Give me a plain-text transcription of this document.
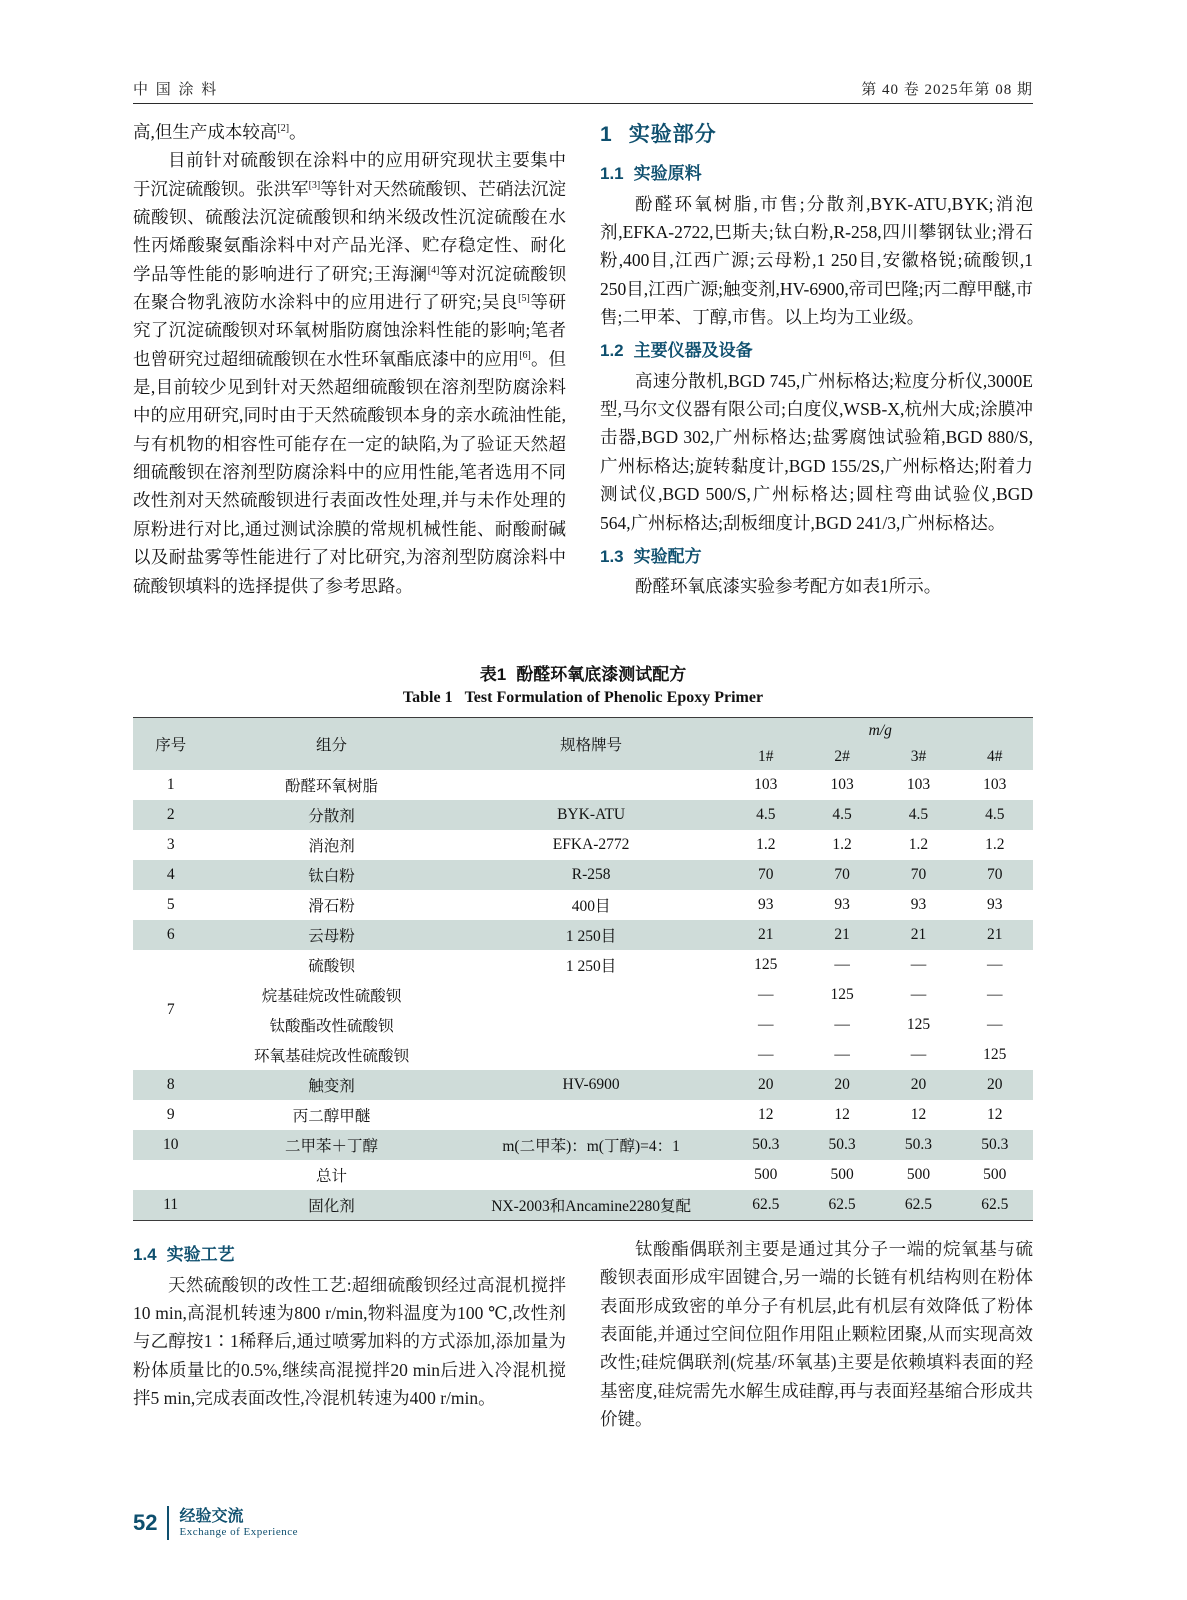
中 国 涂 料	第 40 卷 2025年第 08 期

高,但生产成本较高[2]。

目前针对硫酸钡在涂料中的应用研究现状主要集中于沉淀硫酸钡。张洪军[3]等针对天然硫酸钡、芒硝法沉淀硫酸钡、硫酸法沉淀硫酸钡和纳米级改性沉淀硫酸在水性丙烯酸聚氨酯涂料中对产品光泽、贮存稳定性、耐化学品等性能的影响进行了研究;王海澜[4]等对沉淀硫酸钡在聚合物乳液防水涂料中的应用进行了研究;吴良[5]等研究了沉淀硫酸钡对环氧树脂防腐蚀涂料性能的影响;笔者也曾研究过超细硫酸钡在水性环氧酯底漆中的应用[6]。但是,目前较少见到针对天然超细硫酸钡在溶剂型防腐涂料中的应用研究,同时由于天然硫酸钡本身的亲水疏油性能,与有机物的相容性可能存在一定的缺陷,为了验证天然超细硫酸钡在溶剂型防腐涂料中的应用性能,笔者选用不同改性剂对天然硫酸钡进行表面改性处理,并与未作处理的原粉进行对比,通过测试涂膜的常规机械性能、耐酸耐碱以及耐盐雾等性能进行了对比研究,为溶剂型防腐涂料中硫酸钡填料的选择提供了参考思路。

1 实验部分
1.1 实验原料

酚醛环氧树脂,市售;分散剂,BYK-ATU,BYK;消泡剂,EFKA-2722,巴斯夫;钛白粉,R-258,四川攀钢钛业;滑石粉,400目,江西广源;云母粉,1 250目,安徽格锐;硫酸钡,1 250目,江西广源;触变剂,HV-6900,帝司巴隆;丙二醇甲醚,市售;二甲苯、丁醇,市售。以上均为工业级。

1.2 主要仪器及设备

高速分散机,BGD 745,广州标格达;粒度分析仪,3000E型,马尔文仪器有限公司;白度仪,WSB-X,杭州大成;涂膜冲击器,BGD 302,广州标格达;盐雾腐蚀试验箱,BGD 880/S,广州标格达;旋转黏度计,BGD 155/2S,广州标格达;附着力测试仪,BGD 500/S,广州标格达;圆柱弯曲试验仪,BGD 564,广州标格达;刮板细度计,BGD 241/3,广州标格达。

1.3 实验配方

酚醛环氧底漆实验参考配方如表1所示。

表1 酚醛环氧底漆测试配方
Table 1 Test Formulation of Phenolic Epoxy Primer
序号	组分	规格牌号	m/g			
			1#	2#	3#	4#
1	酚醛环氧树脂		103	103	103	103
2	分散剂	BYK-ATU	4.5	4.5	4.5	4.5
3	消泡剂	EFKA-2772	1.2	1.2	1.2	1.2
4	钛白粉	R-258	70	70	70	70
5	滑石粉	400目	93	93	93	93
6	云母粉	1 250目	21	21	21	21
7	硫酸钡	1 250目	125	—	—	—
	烷基硅烷改性硫酸钡		—	125	—	—
	钛酸酯改性硫酸钡		—	—	125	—
	环氧基硅烷改性硫酸钡		—	—	—	125
8	触变剂	HV-6900	20	20	20	20
9	丙二醇甲醚		12	12	12	12
10	二甲苯＋丁醇	m(二甲苯)：m(丁醇)=4：1	50.3	50.3	50.3	50.3
	总计		500	500	500	500
11	固化剂	NX-2003和Ancamine2280复配	62.5	62.5	62.5	62.5
1.4 实验工艺

天然硫酸钡的改性工艺:超细硫酸钡经过高混机搅拌10 min,高混机转速为800 r/min,物料温度为100 ℃,改性剂与乙醇按1∶1稀释后,通过喷雾加料的方式添加,添加量为粉体质量比的0.5%,继续高混搅拌20 min后进入冷混机搅拌5 min,完成表面改性,冷混机转速为400 r/min。

钛酸酯偶联剂主要是通过其分子一端的烷氧基与硫酸钡表面形成牢固键合,另一端的长链有机结构则在粉体表面形成致密的单分子有机层,此有机层有效降低了粉体表面能,并通过空间位阻作用阻止颗粒团聚,从而实现高效改性;硅烷偶联剂(烷基/环氧基)主要是依赖填料表面的羟基密度,硅烷需先水解生成硅醇,再与表面羟基缩合形成共价键。

52 经验交流
Exchange of Experience
